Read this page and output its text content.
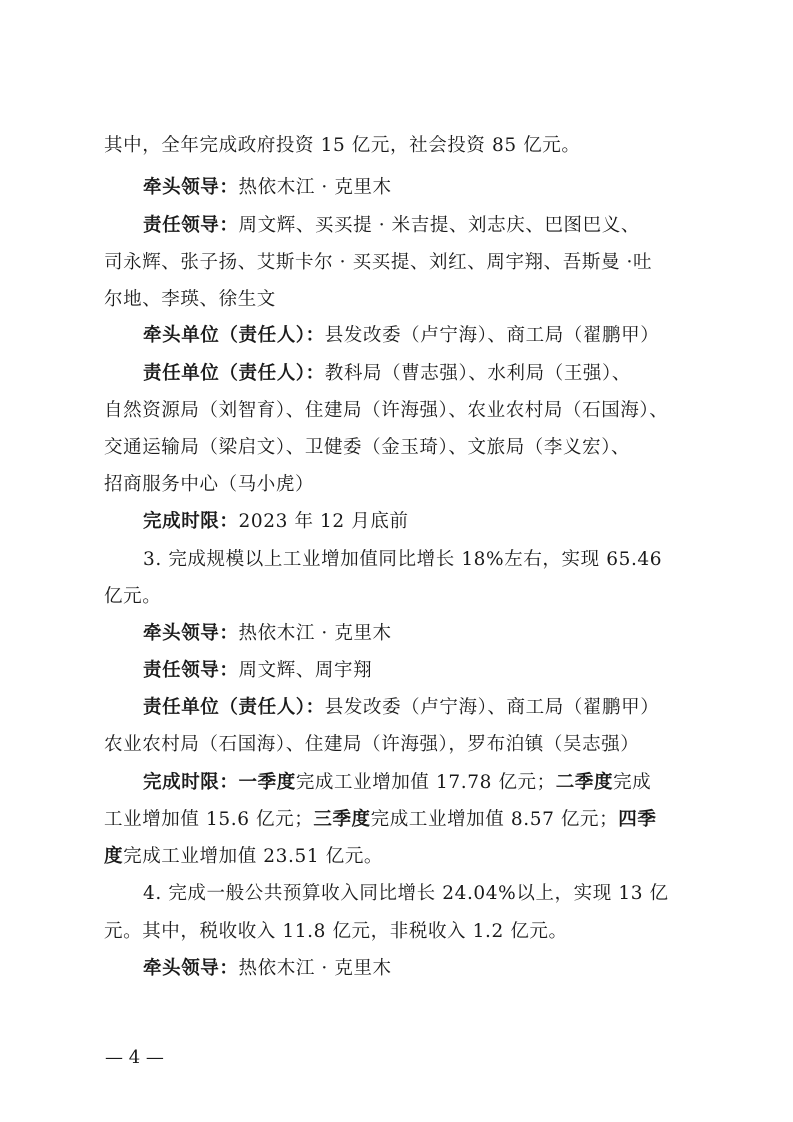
其中，全年完成政府投资 15 亿元，社会投资 85 亿元。
牵头领导：热依木江 · 克里木
责任领导：周文辉、买买提 · 米吉提、刘志庆、巴图巴义、
司永辉、张子扬、艾斯卡尔 · 买买提、刘红、周宇翔、吾斯曼 ·吐
尔地、李瑛、徐生文
牵头单位（责任人）：县发改委（卢宁海）、商工局（翟鹏甲）
责任单位（责任人）：教科局（曹志强）、水利局（王强）、
自然资源局（刘智育）、住建局（许海强）、农业农村局（石国海）、
交通运输局（梁启文）、卫健委（金玉琦）、文旅局（李义宏）、
招商服务中心（马小虎）
完成时限：2023 年 12 月底前
3. 完成规模以上工业增加值同比增长 18%左右，实现 65.46
亿元。
牵头领导：热依木江 · 克里木
责任领导：周文辉、周宇翔
责任单位（责任人）：县发改委（卢宁海）、商工局（翟鹏甲）
农业农村局（石国海）、住建局（许海强），罗布泊镇（吴志强）
完成时限：一季度完成工业增加值 17.78 亿元；二季度完成
工业增加值 15.6 亿元；三季度完成工业增加值 8.57 亿元；四季
度完成工业增加值 23.51 亿元。
4. 完成一般公共预算收入同比增长 24.04%以上，实现 13 亿
元。其中，税收收入 11.8 亿元，非税收入 1.2 亿元。
牵头领导：热依木江 · 克里木
— 4 —
